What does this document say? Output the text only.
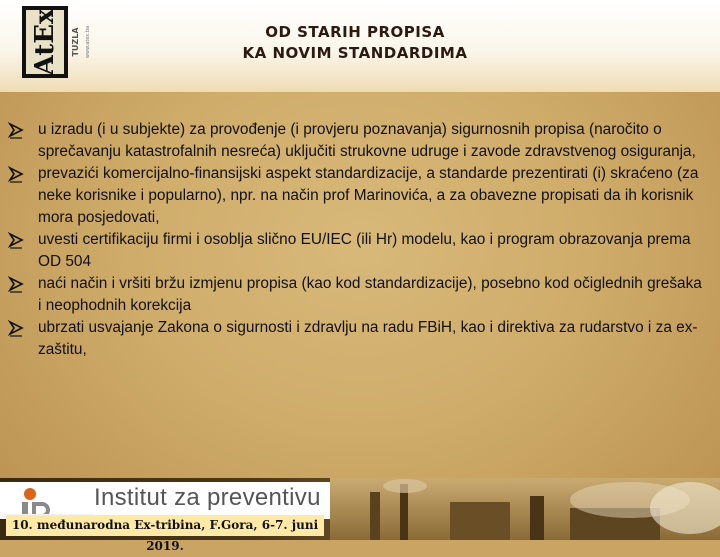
AtEx TUZLA www.atex.ba	OD STARIH PROPISA
KA NOVIM STANDARDIMA
u izradu (i u subjekte) za provođenje (i provjeru poznavanja) sigurnosnih propisa (naročito o sprečavanju katastrofalnih nesreća) uključiti strukovne udruge i zavode zdravstvenog osiguranja,
prevazići komercijalno-finansijski aspekt standardizacije, a standarde prezentirati (i) skraćeno (za neke korisnike i popularno), npr. na način prof Marinovića, a za obavezne propisati da ih korisnik mora posjedovati,
uvesti certifikaciju firmi i osoblja slično EU/IEC (ili Hr) modelu, kao i program obrazovanja prema OD 504
naći način i vršiti bržu izmjenu propisa (kao kod standardizacije), posebno kod očiglednih grešaka i neophodnih korekcija
ubrzati usvajanje Zakona o sigurnosti i zdravlju na radu FBiH, kao i direktiva za rudarstvo i za ex-zaštitu,
Institut za preventivu
10. međunarodna Ex-tribina, F.Gora, 6-7. juni 2019.
